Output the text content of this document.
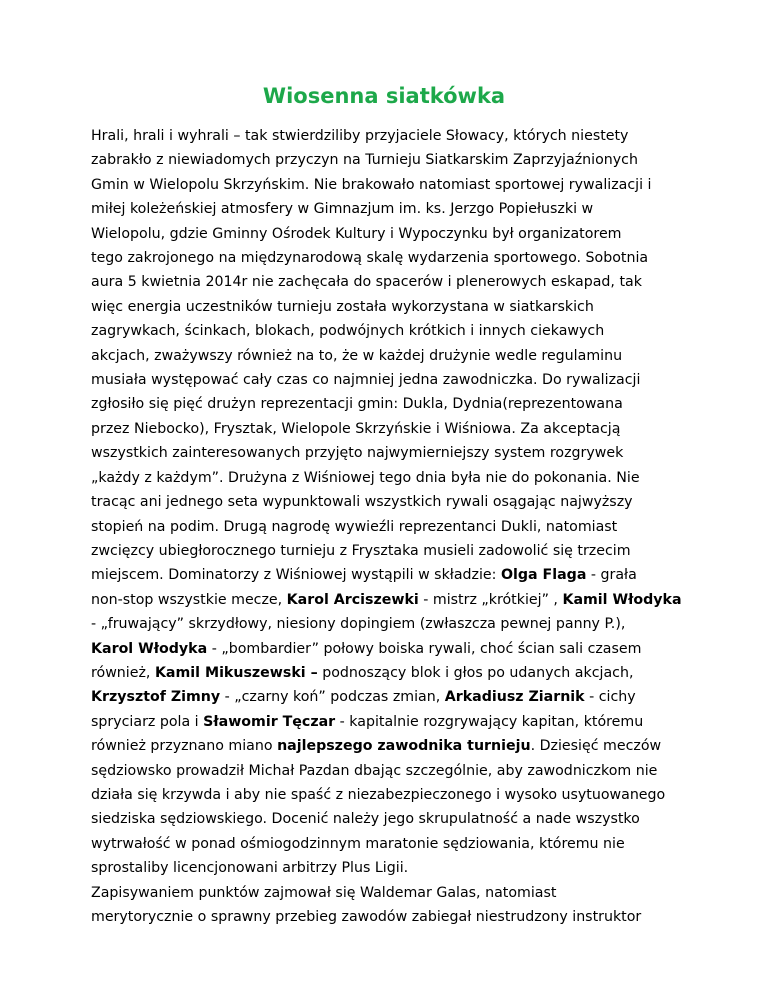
Wiosenna siatkówka
Hrali, hrali i wyhrali – tak stwierdziliby przyjaciele Słowacy, których niestety
zabrakło z niewiadomych przyczyn na Turnieju Siatkarskim Zaprzyjaźnionych
Gmin w Wielopolu Skrzyńskim. Nie brakowało natomiast sportowej rywalizacji i
miłej koleżeńskiej atmosfery w Gimnazjum im. ks. Jerzgo Popiełuszki w
Wielopolu, gdzie Gminny Ośrodek Kultury i Wypoczynku był organizatorem
tego zakrojonego na międzynarodową skalę wydarzenia sportowego. Sobotnia
aura 5 kwietnia 2014r nie zachęcała do spacerów i plenerowych eskapad, tak
więc energia uczestników turnieju została wykorzystana w siatkarskich
zagrywkach, ścinkach, blokach, podwójnych krótkich i innych ciekawych
akcjach, zważywszy również na to, że w każdej drużynie wedle regulaminu
musiała występować cały czas co najmniej jedna zawodniczka. Do rywalizacji
zgłosiło się pięć drużyn reprezentacji gmin: Dukla, Dydnia(reprezentowana
przez Niebocko), Frysztak, Wielopole Skrzyńskie i Wiśniowa. Za akceptacją
wszystkich zainteresowanych przyjęto najwymierniejszy system rozgrywek
„każdy z każdym”. Drużyna z Wiśniowej tego dnia była nie do pokonania. Nie
tracąc ani jednego seta wypunktowali wszystkich rywali osągając najwyższy
stopień na podim. Drugą nagrodę wywieźli reprezentanci Dukli, natomiast
zwcięzcy ubiegłorocznego turnieju z Frysztaka musieli zadowolić się trzecim
miejscem. Dominatorzy z Wiśniowej wystąpili w składzie: Olga Flaga - grała
non-stop wszystkie mecze, Karol Arciszewki - mistrz „krótkiej” , Kamil Włodyka
- „fruwający” skrzydłowy, niesiony dopingiem (zwłaszcza pewnej panny P.),
Karol Włodyka - „bombardier” połowy boiska rywali, choć ścian sali czasem
również, Kamil Mikuszewski – podnoszący blok i głos po udanych akcjach,
Krzysztof Zimny - „czarny koń” podczas zmian, Arkadiusz Ziarnik - cichy
spryciarz pola i Sławomir Tęczar - kapitalnie rozgrywający kapitan, któremu
również przyznano miano najlepszego zawodnika turnieju. Dziesięć meczów
sędziowsko prowadził Michał Pazdan dbając szczególnie, aby zawodniczkom nie
działa się krzywda i aby nie spaść z niezabezpieczonego i wysoko usytuowanego
siedziska sędziowskiego. Docenić należy jego skrupulatność a nade wszystko
wytrwałość w ponad ośmiogodzinnym maratonie sędziowania, któremu nie
sprostaliby licencjonowani arbitrzy Plus Ligii.
Zapisywaniem punktów zajmował się Waldemar Galas, natomiast
merytorycznie o sprawny przebieg zawodów zabiegał niestrudzony instruktor
